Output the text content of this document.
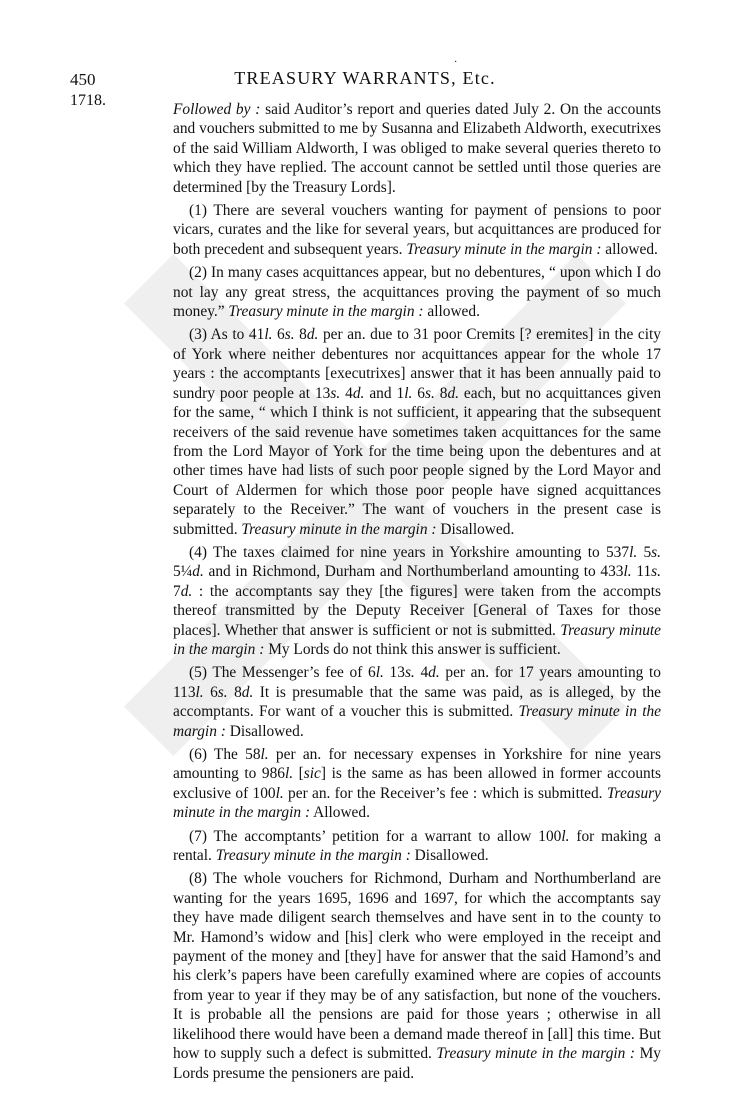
·
450	TREASURY WARRANTS, Etc.
1718.

Followed by : said Auditor’s report and queries dated July 2. On the accounts and vouchers submitted to me by Susanna and Elizabeth Aldworth, executrixes of the said William Aldworth, I was obliged to make several queries thereto to which they have replied. The account cannot be settled until those queries are determined [by the Treasury Lords].

(1) There are several vouchers wanting for payment of pensions to poor vicars, curates and the like for several years, but acquittances are produced for both precedent and subsequent years. Treasury minute in the margin : allowed.

(2) In many cases acquittances appear, but no debentures, “ upon which I do not lay any great stress, the acquittances proving the payment of so much money.” Treasury minute in the margin : allowed.

(3) As to 41l. 6s. 8d. per an. due to 31 poor Cremits [? eremites] in the city of York where neither debentures nor acquittances appear for the whole 17 years : the accomptants [executrixes] answer that it has been annually paid to sundry poor people at 13s. 4d. and 1l. 6s. 8d. each, but no acquittances given for the same, “ which I think is not sufficient, it appearing that the subsequent receivers of the said revenue have sometimes taken acquittances for the same from the Lord Mayor of York for the time being upon the debentures and at other times have had lists of such poor people signed by the Lord Mayor and Court of Aldermen for which those poor people have signed acquittances separately to the Receiver.” The want of vouchers in the present case is submitted. Treasury minute in the margin : Disallowed.

(4) The taxes claimed for nine years in Yorkshire amounting to 537l. 5s. 5¼d. and in Richmond, Durham and Northumberland amounting to 433l. 11s. 7d. : the accomptants say they [the figures] were taken from the accompts thereof transmitted by the Deputy Receiver [General of Taxes for those places]. Whether that answer is sufficient or not is submitted. Treasury minute in the margin : My Lords do not think this answer is sufficient.

(5) The Messenger’s fee of 6l. 13s. 4d. per an. for 17 years amounting to 113l. 6s. 8d. It is presumable that the same was paid, as is alleged, by the accomptants. For want of a voucher this is submitted. Treasury minute in the margin : Disallowed.

(6) The 58l. per an. for necessary expenses in Yorkshire for nine years amounting to 986l. [sic] is the same as has been allowed in former accounts exclusive of 100l. per an. for the Receiver’s fee : which is submitted. Treasury minute in the margin : Allowed.

(7) The accomptants’ petition for a warrant to allow 100l. for making a rental. Treasury minute in the margin : Disallowed.

(8) The whole vouchers for Richmond, Durham and Northumberland are wanting for the years 1695, 1696 and 1697, for which the accomptants say they have made diligent search themselves and have sent in to the county to Mr. Hamond’s widow and [his] clerk who were employed in the receipt and payment of the money and [they] have for answer that the said Hamond’s and his clerk’s papers have been carefully examined where are copies of accounts from year to year if they may be of any satisfaction, but none of the vouchers. It is probable all the pensions are paid for those years ; otherwise in all likelihood there would have been a demand made thereof in [all] this time. But how to supply such a defect is submitted. Treasury minute in the margin : My Lords presume the pensioners are paid.
